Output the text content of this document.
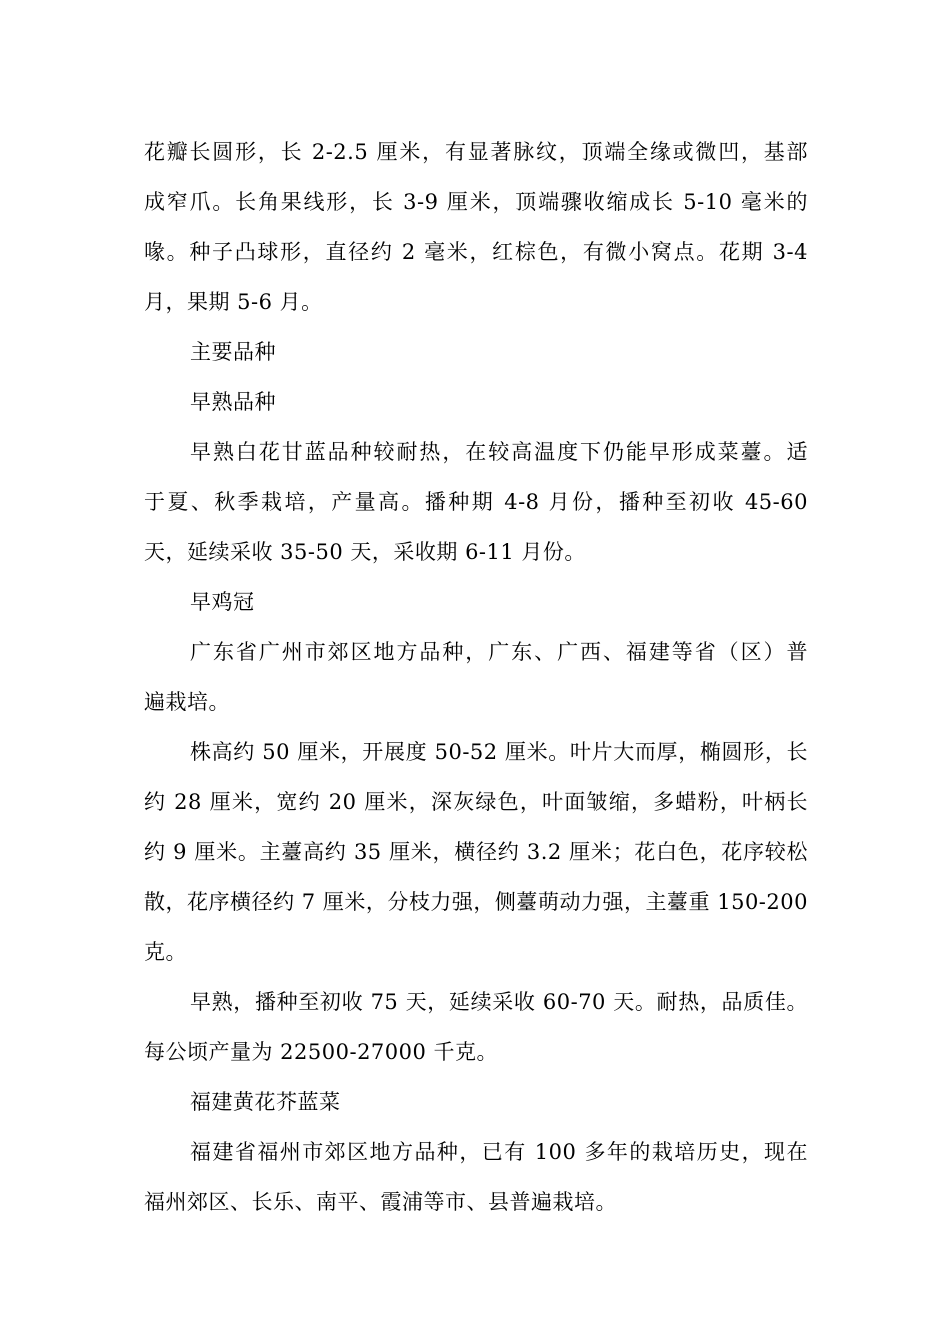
花瓣长圆形，长 2-2.5 厘米，有显著脉纹，顶端全缘或微凹，基部
成窄爪。长角果线形，长 3-9 厘米，顶端骤收缩成长 5-10 毫米的
喙。种子凸球形，直径约 2 毫米，红棕色，有微小窝点。花期 3-4
月，果期 5-6 月。
主要品种
早熟品种
早熟白花甘蓝品种较耐热，在较高温度下仍能早形成菜薹。适
于夏、秋季栽培，产量高。播种期 4-8 月份，播种至初收 45-60
天，延续采收 35-50 天，采收期 6-11 月份。
早鸡冠
广东省广州市郊区地方品种，广东、广西、福建等省（区）普
遍栽培。
株高约 50 厘米，开展度 50-52 厘米。叶片大而厚，椭圆形，长
约 28 厘米，宽约 20 厘米，深灰绿色，叶面皱缩，多蜡粉，叶柄长
约 9 厘米。主薹高约 35 厘米，横径约 3.2 厘米；花白色，花序较松
散，花序横径约 7 厘米，分枝力强，侧薹萌动力强，主薹重 150-200
克。
早熟，播种至初收 75 天，延续采收 60-70 天。耐热，品质佳。
每公顷产量为 22500-27000 千克。
福建黄花芥蓝菜
福建省福州市郊区地方品种，已有 100 多年的栽培历史，现在
福州郊区、长乐、南平、霞浦等市、县普遍栽培。
